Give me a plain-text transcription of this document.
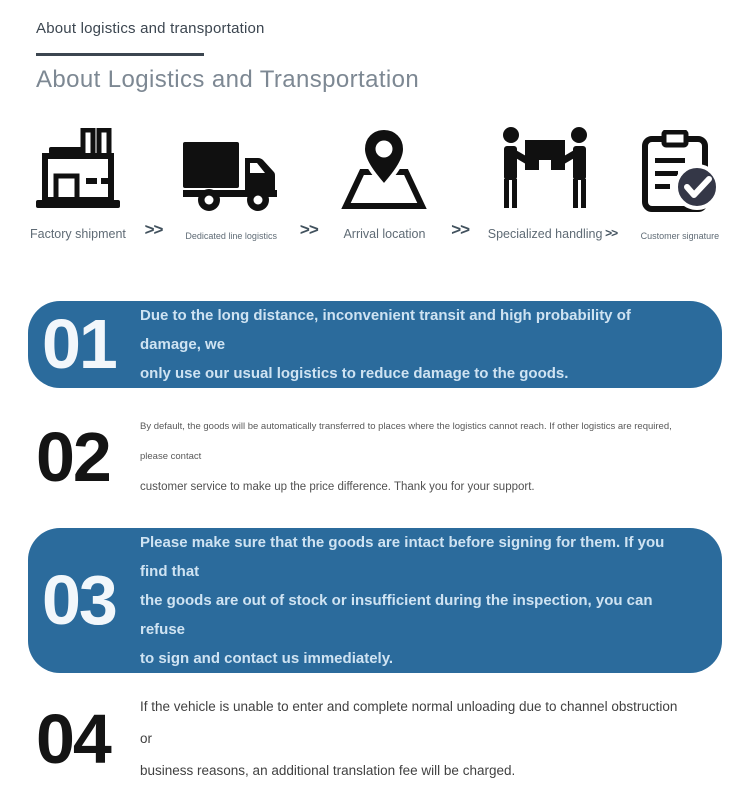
About logistics and transportation
About Logistics and Transportation
Factory shipment >>	Dedicated line logistics >> Arrival location >> Specialized handling >>	Customer signature
01	Due to the long distance, inconvenient transit and high probability of damage, we
only use our usual logistics to reduce damage to the goods.
02	By default, the goods will be automatically transferred to places where the logistics cannot reach. If other logistics are required, please contact
customer service to make up the price difference. Thank you for your support.
03
Please make sure that the goods are intact before signing for them. If you find that
the goods are out of stock or insufficient during the inspection, you can refuse
to sign and contact us immediately.
04	If the vehicle is unable to enter and complete normal unloading due to channel obstruction or
business reasons, an additional translation fee will be charged.
